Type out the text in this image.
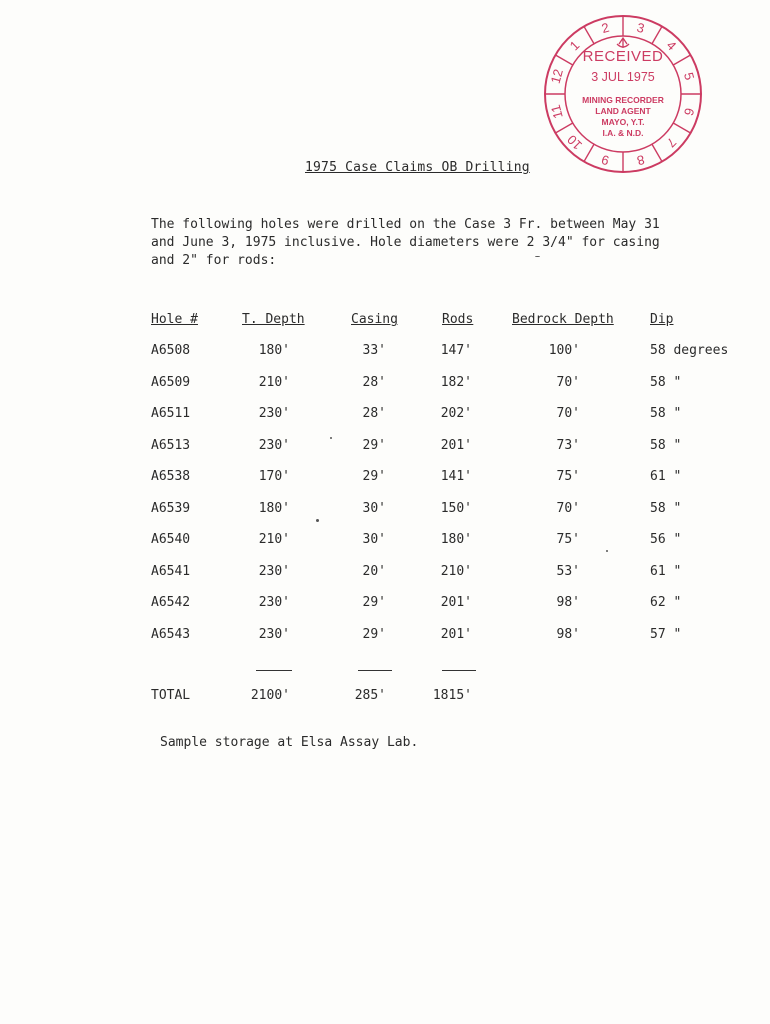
3
4
5
6
7
8
9
10
11
12
1
2
RECEIVED
3 JUL 1975
MINING RECORDER
LAND AGENT
MAYO, Y.T.
I.A. & N.D.
1975 Case Claims OB Drilling
The following holes were drilled on the Case 3 Fr. between May 31
and June 3, 1975 inclusive. Hole diameters were 2 3/4" for casing
and 2" for rods:
Hole #	T. Depth	Casing	Rods	Bedrock Depth	Dip
A6508	180'	33'	147'	100'	58 degrees
A6509	210'	28'	182'	70'	58 "
A6511	230'	28'	202'	70'	58 "
A6513	230'	29'	201'	73'	58 "
A6538	170'	29'	141'	75'	61 "
A6539	180'	30'	150'	70'	58 "
A6540	210'	30'	180'	75'	56 "
A6541	230'	20'	210'	53'	61 "
A6542	230'	29'	201'	98'	62 "
A6543	230'	29'	201'	98'	57 "
TOTAL	2100'	285'	1815'
Sample storage at Elsa Assay Lab.
